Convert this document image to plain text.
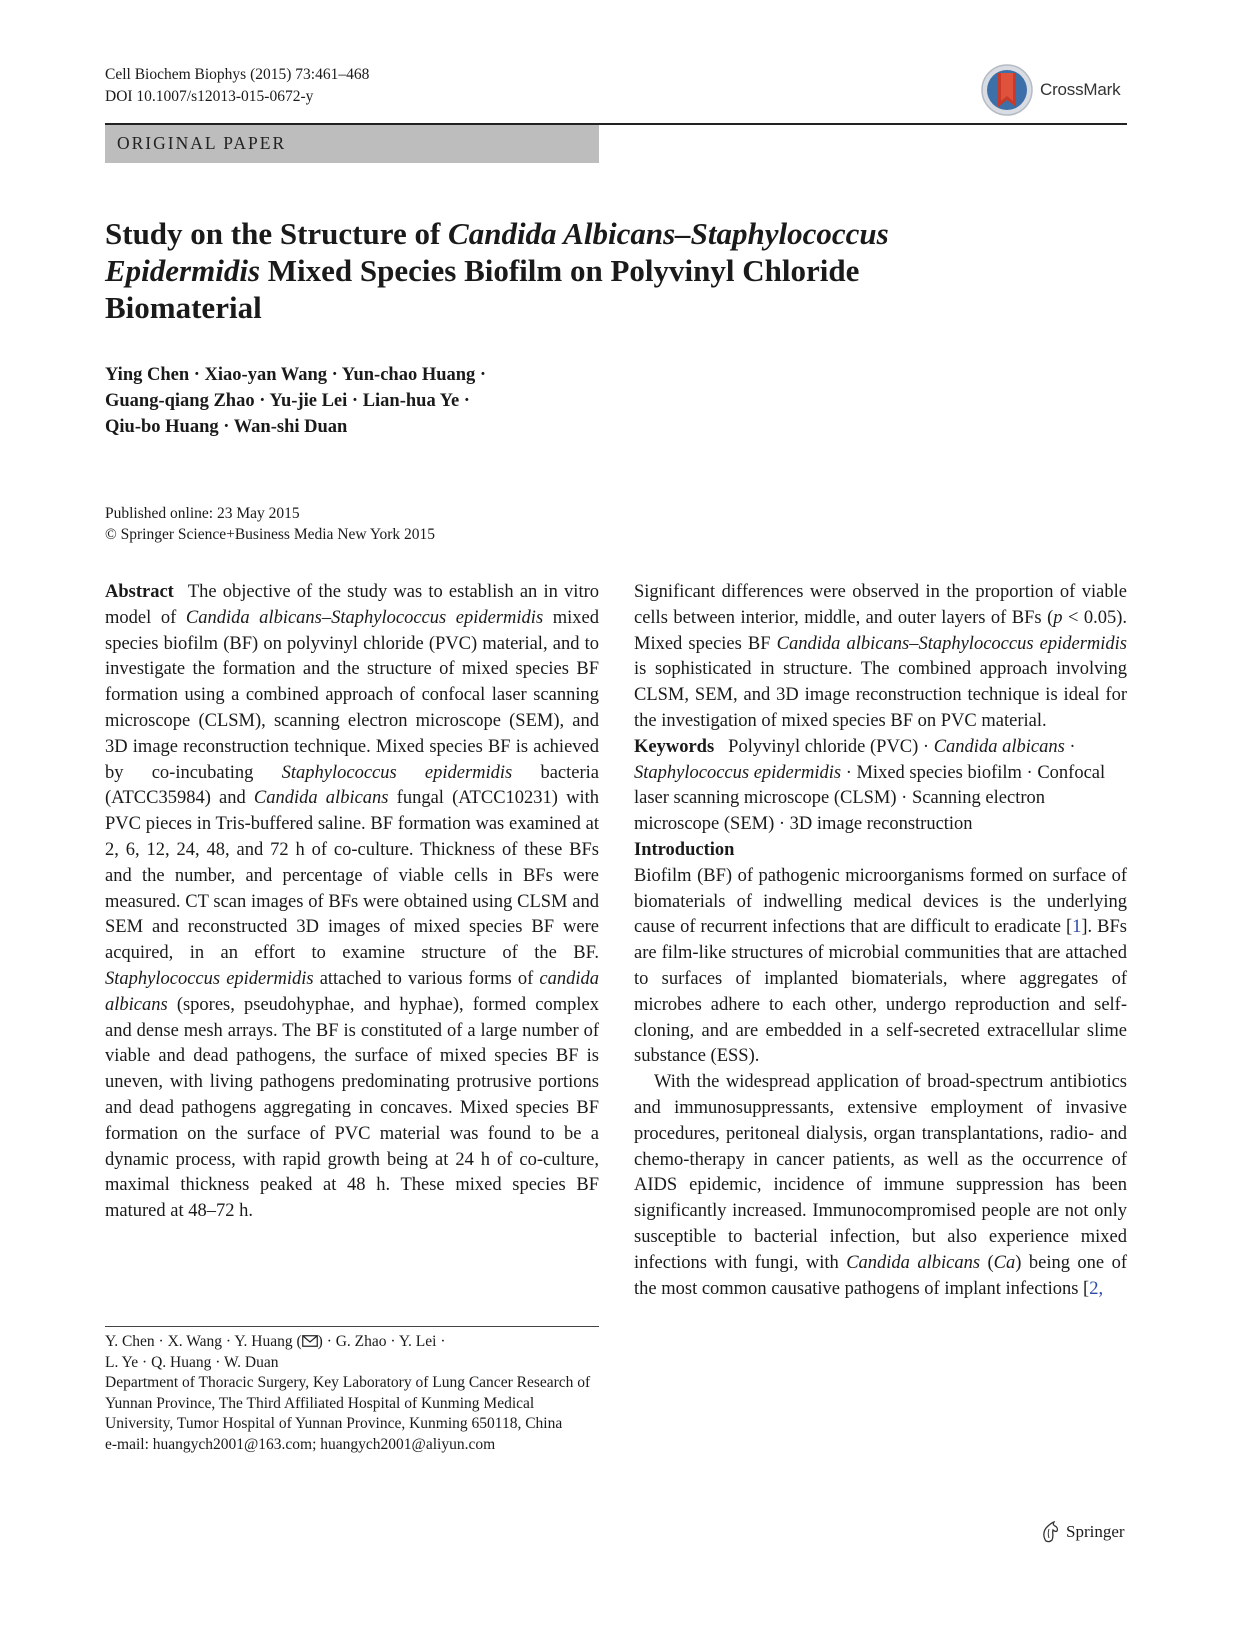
Cell Biochem Biophys (2015) 73:461–468
DOI 10.1007/s12013-015-0672-y	CrossMark
ORIGINAL PAPER
Study on the Structure of Candida Albicans–Staphylococcus Epidermidis Mixed Species Biofilm on Polyvinyl Chloride Biomaterial
Ying Chen · Xiao-yan Wang · Yun-chao Huang ·
Guang-qiang Zhao · Yu-jie Lei · Lian-hua Ye ·
Qiu-bo Huang · Wan-shi Duan
Published online: 23 May 2015
© Springer Science+Business Media New York 2015

Abstract The objective of the study was to establish an in vitro model of Candida albicans–Staphylococcus epidermidis mixed species biofilm (BF) on polyvinyl chloride (PVC) material, and to investigate the formation and the structure of mixed species BF formation using a combined approach of confocal laser scanning microscope (CLSM), scanning electron microscope (SEM), and 3D image reconstruction technique. Mixed species BF is achieved by co-incubating Staphylococcus epidermidis bacteria (ATCC35984) and Candida albicans fungal (ATCC10231) with PVC pieces in Tris-buffered saline. BF formation was examined at 2, 6, 12, 24, 48, and 72 h of co-culture. Thickness of these BFs and the number, and percentage of viable cells in BFs were measured. CT scan images of BFs were obtained using CLSM and SEM and reconstructed 3D images of mixed species BF were acquired, in an effort to examine structure of the BF. Staphylococcus epidermidis attached to various forms of candida albicans (spores, pseudohyphae, and hyphae), formed complex and dense mesh arrays. The BF is constituted of a large number of viable and dead pathogens, the surface of mixed species BF is uneven, with living pathogens predominating protrusive portions and dead pathogens aggregating in concaves. Mixed species BF formation on the surface of PVC material was found to be a dynamic process, with rapid growth being at 24 h of co-culture, maximal thickness peaked at 48 h. These mixed species BF matured at 48–72 h.

Significant differences were observed in the proportion of viable cells between interior, middle, and outer layers of BFs (p < 0.05). Mixed species BF Candida albicans–Staphylococcus epidermidis is sophisticated in structure. The combined approach involving CLSM, SEM, and 3D image reconstruction technique is ideal for the investigation of mixed species BF on PVC material.

Keywords Polyvinyl chloride (PVC) · Candida albicans · Staphylococcus epidermidis · Mixed species biofilm · Confocal laser scanning microscope (CLSM) · Scanning electron microscope (SEM) · 3D image reconstruction

Introduction

Biofilm (BF) of pathogenic microorganisms formed on surface of biomaterials of indwelling medical devices is the underlying cause of recurrent infections that are difficult to eradicate [1]. BFs are film-like structures of microbial communities that are attached to surfaces of implanted biomaterials, where aggregates of microbes adhere to each other, undergo reproduction and self-cloning, and are embedded in a self-secreted extracellular slime substance (ESS).

With the widespread application of broad-spectrum antibiotics and immunosuppressants, extensive employment of invasive procedures, peritoneal dialysis, organ transplantations, radio- and chemo-therapy in cancer patients, as well as the occurrence of AIDS epidemic, incidence of immune suppression has been significantly increased. Immunocompromised people are not only susceptible to bacterial infection, but also experience mixed infections with fungi, with Candida albicans (Ca) being one of the most common causative pathogens of implant infections [2,

Y. Chen · X. Wang · Y. Huang ( ) · G. Zhao · Y. Lei ·

L. Ye · Q. Huang · W. Duan

Department of Thoracic Surgery, Key Laboratory of Lung Cancer Research of Yunnan Province, The Third Affiliated Hospital of Kunming Medical University, Tumor Hospital of Yunnan Province, Kunming 650118, China

e-mail: huangych2001@163.com; huangych2001@aliyun.com

Springer
